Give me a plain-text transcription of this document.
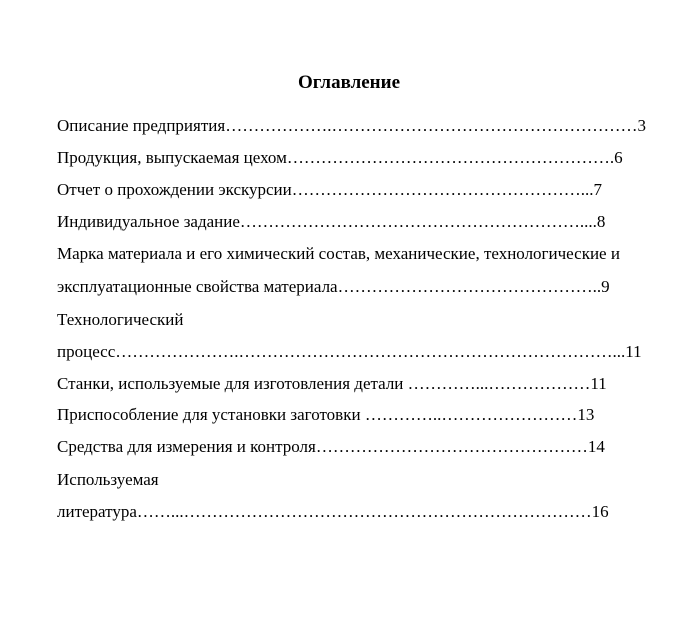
Оглавление
Описание предприятия……………….………………………………………………3
Продукция, выпускаемая цехом………………………………………………….6
Отчет о прохождении экскурсии……………………………………………...7
Индивидуальное задание……………………………………………………....8
Марка материала и его химический состав, механические, технологические и
эксплуатационные свойства материала………………………………………..9
Технологический
процесс………………….…………………………………………………………...11
Станки, используемые для изготовления детали …………...………………11
Приспособление для установки заготовки …………..……………………13
Средства для измерения и контроля…………………………………………14
Используемая
литература……...………………………………………………………………16
